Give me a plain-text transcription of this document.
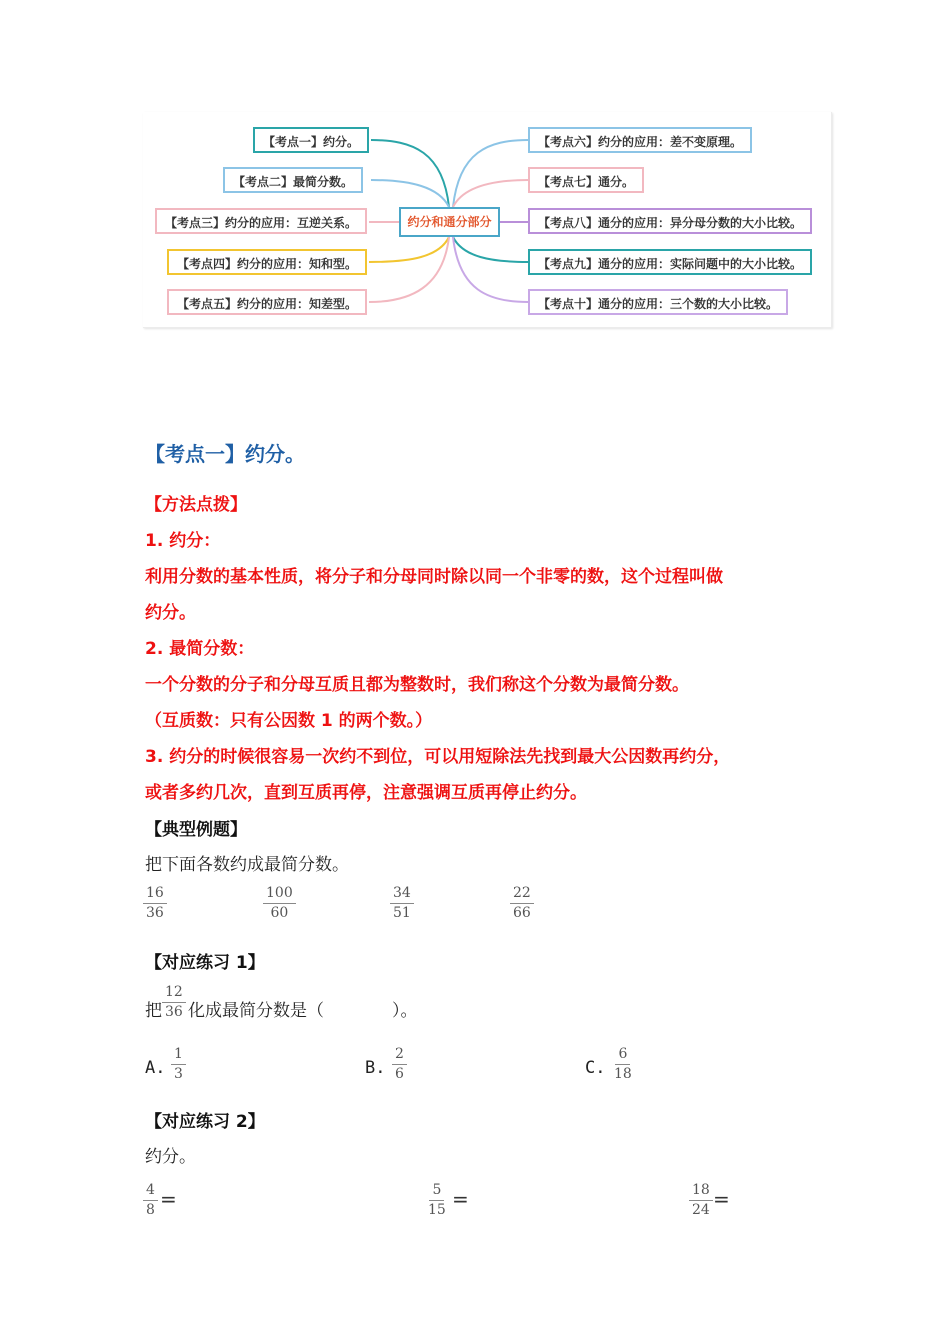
【考点一】约分。
【考点二】最简分数。
【考点三】约分的应用：互逆关系。
【考点四】约分的应用：知和型。
【考点五】约分的应用：知差型。
约分和通分部分
【考点六】约分的应用：差不变原理。
【考点七】通分。
【考点八】通分的应用：异分母分数的大小比较。
【考点九】通分的应用：实际问题中的大小比较。
【考点十】通分的应用：三个数的大小比较。
【考点一】约分。
【方法点拨】
1. 约分：
利用分数的基本性质，将分子和分母同时除以同一个非零的数，这个过程叫做
约分。
2. 最简分数：
一个分数的分子和分母互质且都为整数时，我们称这个分数为最简分数。
（互质数：只有公因数 1 的两个数。）
3. 约分的时候很容易一次约不到位，可以用短除法先找到最大公因数再约分，
或者多约几次，直到互质再停，注意强调互质再停止约分。
【典型例题】
把下面各数约成最简分数。
$\frac{16}{36}$	$\frac{100}{60}$	$\frac{34}{51}$	$\frac{22}{66}$
【对应练习 1】
把 $\frac{12}{36}$ 化成最简分数是（　　　　）。
A. $\frac{1}{3}$	B. $\frac{2}{6}$	C. $\frac{6}{18}$
【对应练习 2】
约分。
$\frac{4}{8}$ =	$\frac{5}{15}$ =	$\frac{18}{24}$ =
